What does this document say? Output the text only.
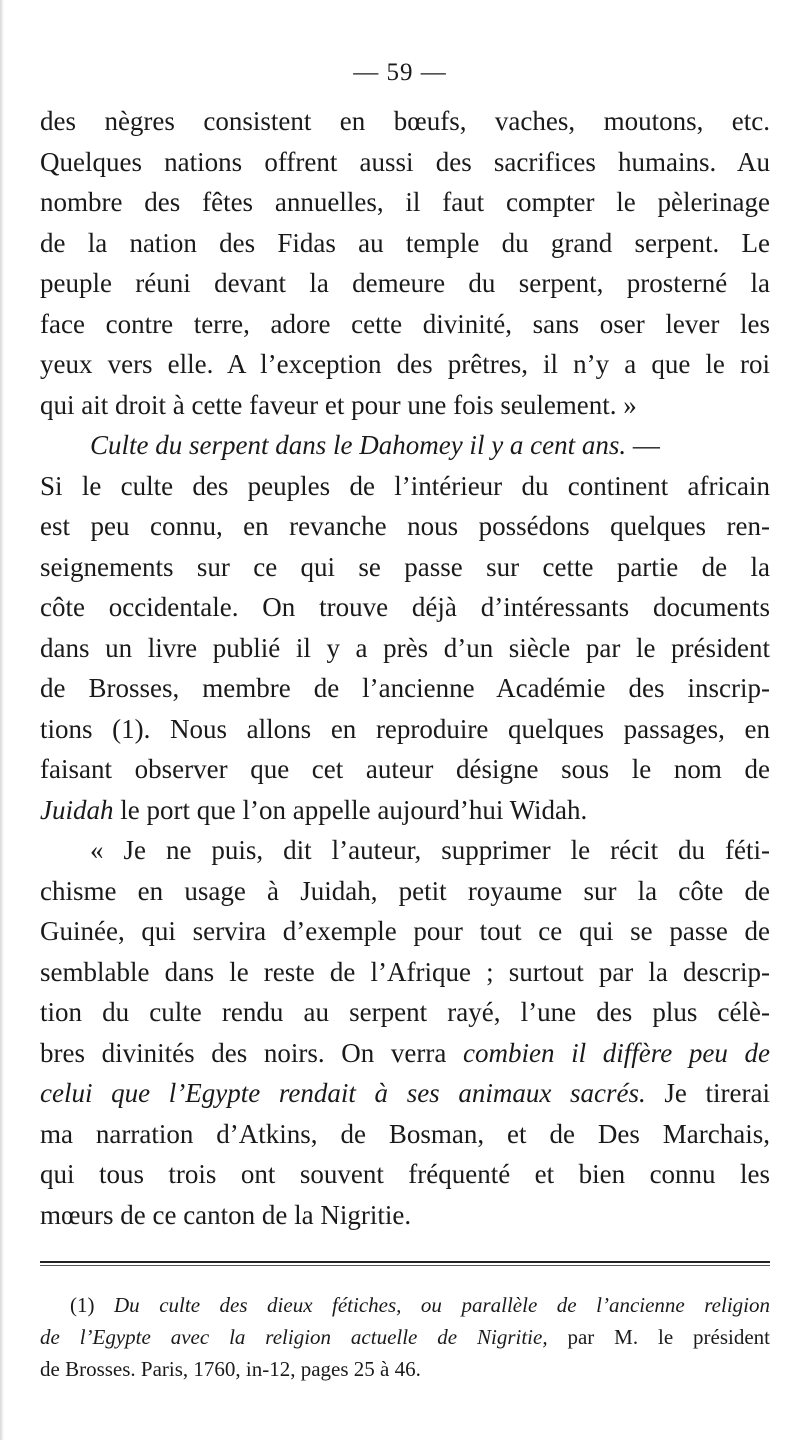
— 59 —
des nègres consistent en bœufs, vaches, moutons, etc.
Quelques nations offrent aussi des sacrifices humains. Au
nombre des fêtes annuelles, il faut compter le pèlerinage
de la nation des Fidas au temple du grand serpent. Le
peuple réuni devant la demeure du serpent, prosterné la
face contre terre, adore cette divinité, sans oser lever les
yeux vers elle. A l’exception des prêtres, il n’y a que le roi
qui ait droit à cette faveur et pour une fois seulement. »
Culte du serpent dans le Dahomey il y a cent ans. —
Si le culte des peuples de l’intérieur du continent africain
est peu connu, en revanche nous possédons quelques ren-
seignements sur ce qui se passe sur cette partie de la
côte occidentale. On trouve déjà d’intéressants documents
dans un livre publié il y a près d’un siècle par le président
de Brosses, membre de l’ancienne Académie des inscrip-
tions (1). Nous allons en reproduire quelques passages, en
faisant observer que cet auteur désigne sous le nom de
Juidah le port que l’on appelle aujourd’hui Widah.
« Je ne puis, dit l’auteur, supprimer le récit du féti-
chisme en usage à Juidah, petit royaume sur la côte de
Guinée, qui servira d’exemple pour tout ce qui se passe de
semblable dans le reste de l’Afrique ; surtout par la descrip-
tion du culte rendu au serpent rayé, l’une des plus célè-
bres divinités des noirs. On verra combien il diffère peu de
celui que l’Egypte rendait à ses animaux sacrés. Je tirerai
ma narration d’Atkins, de Bosman, et de Des Marchais,
qui tous trois ont souvent fréquenté et bien connu les
mœurs de ce canton de la Nigritie.
(1) Du culte des dieux fétiches, ou parallèle de l’ancienne religion
de l’Egypte avec la religion actuelle de Nigritie, par M. le président
de Brosses. Paris, 1760, in-12, pages 25 à 46.
